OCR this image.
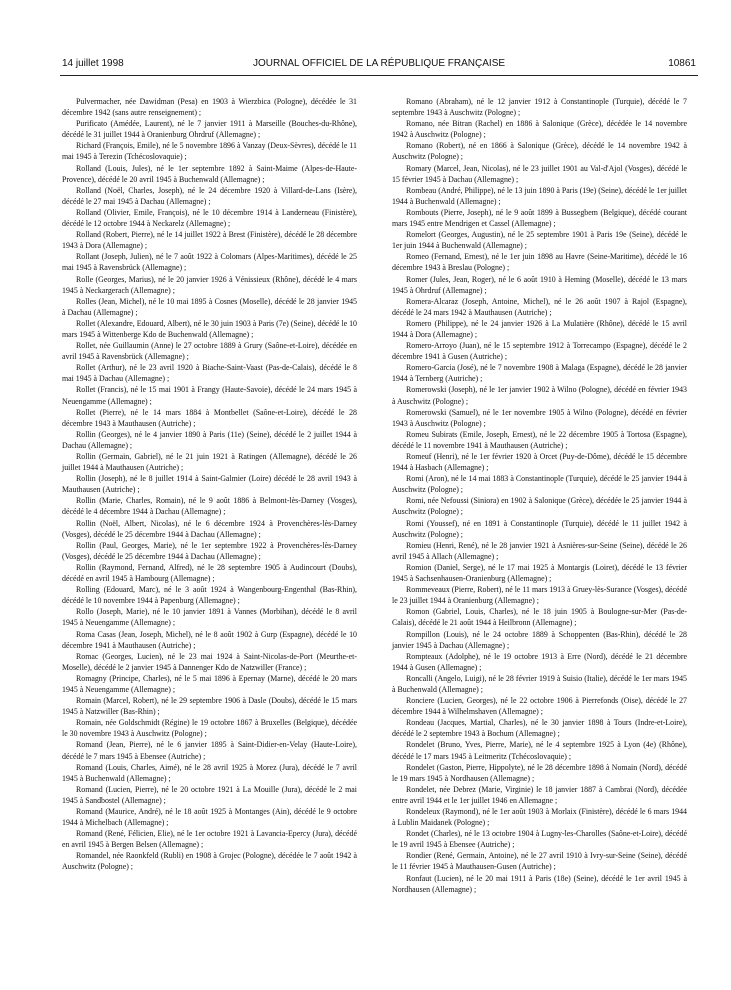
14 juillet 1998	JOURNAL OFFICIEL DE LA RÉPUBLIQUE FRANÇAISE	10861

Pulvermacher, née Dawidman (Pesa) en 1903 à Wierzbica (Pologne), décédée le 31 décembre 1942 (sans autre renseignement) ;

Purificato (Amédée, Laurent), né le 7 janvier 1911 à Marseille (Bouches-du-Rhône), décédé le 31 juillet 1944 à Oranienburg Ohrdruf (Allemagne) ;

Richard (François, Emile), né le 5 novembre 1896 à Vanzay (Deux-Sèvres), décédé le 11 mai 1945 à Terezin (Tchécoslovaquie) ;

Rolland (Louis, Jules), né le 1er septembre 1892 à Saint-Maime (Alpes-de-Haute-Provence), décédé le 20 avril 1945 à Buchenwald (Allemagne) ;

Rolland (Noël, Charles, Joseph), né le 24 décembre 1920 à Villard-de-Lans (Isère), décédé le 27 mai 1945 à Dachau (Allemagne) ;

Rolland (Olivier, Emile, François), né le 10 décembre 1914 à Landerneau (Finistère), décédé le 12 octobre 1944 à Neckarelz (Allemagne) ;

Rolland (Robert, Pierre), né le 14 juillet 1922 à Brest (Finistère), décédé le 28 décembre 1943 à Dora (Allemagne) ;

Rollant (Joseph, Julien), né le 7 août 1922 à Colomars (Alpes-Maritimes), décédé le 25 mai 1945 à Ravensbrück (Allemagne) ;

Rolle (Georges, Marius), né le 20 janvier 1926 à Vénissieux (Rhône), décédé le 4 mars 1945 à Neckargerach (Allemagne) ;

Rolles (Jean, Michel), né le 10 mai 1895 à Cosnes (Moselle), décédé le 28 janvier 1945 à Dachau (Allemagne) ;

Rollet (Alexandre, Edouard, Albert), né le 30 juin 1903 à Paris (7e) (Seine), décédé le 10 mars 1945 à Wittenberge Kdo de Buchenwald (Allemagne) ;

Rollet, née Guillaumin (Anne) le 27 octobre 1889 à Grury (Saône-et-Loire), décédée en avril 1945 à Ravensbrück (Allemagne) ;

Rollet (Arthur), né le 23 avril 1920 à Biache-Saint-Vaast (Pas-de-Calais), décédé le 8 mai 1945 à Dachau (Allemagne) ;

Rollet (Francis), né le 15 mai 1901 à Frangy (Haute-Savoie), décédé le 24 mars 1945 à Neuengamme (Allemagne) ;

Rollet (Pierre), né le 14 mars 1884 à Montbellet (Saône-et-Loire), décédé le 28 décembre 1943 à Mauthausen (Autriche) ;

Rollin (Georges), né le 4 janvier 1890 à Paris (11e) (Seine), décédé le 2 juillet 1944 à Dachau (Allemagne) ;

Rollin (Germain, Gabriel), né le 21 juin 1921 à Ratingen (Allemagne), décédé le 26 juillet 1944 à Mauthausen (Autriche) ;

Rollin (Joseph), né le 8 juillet 1914 à Saint-Galmier (Loire) décédé le 28 avril 1943 à Mauthausen (Autriche) ;

Rollin (Marie, Charles, Romain), né le 9 août 1886 à Belmont-lès-Darney (Vosges), décédé le 4 décembre 1944 à Dachau (Allemagne) ;

Rollin (Noël, Albert, Nicolas), né le 6 décembre 1924 à Provenchères-lès-Darney (Vosges), décédé le 25 décembre 1944 à Dachau (Allemagne) ;

Rollin (Paul, Georges, Marie), né le 1er septembre 1922 à Provenchères-lès-Darney (Vosges), décédé le 25 décembre 1944 à Dachau (Allemagne) ;

Rollin (Raymond, Fernand, Alfred), né le 28 septembre 1905 à Audincourt (Doubs), décédé en avril 1945 à Hambourg (Allemagne) ;

Rolling (Edouard, Marc), né le 3 août 1924 à Wangenbourg-Engenthal (Bas-Rhin), décédé le 10 novembre 1944 à Papenburg (Allemagne) ;

Rollo (Joseph, Marie), né le 10 janvier 1891 à Vannes (Morbihan), décédé le 8 avril 1945 à Neuengamme (Allemagne) ;

Roma Casas (Jean, Joseph, Michel), né le 8 août 1902 à Gurp (Espagne), décédé le 10 décembre 1941 à Mauthausen (Autriche) ;

Romac (Georges, Lucien), né le 23 mai 1924 à Saint-Nicolas-de-Port (Meurthe-et-Moselle), décédé le 2 janvier 1945 à Dannenger Kdo de Natzwiller (France) ;

Romagny (Principe, Charles), né le 5 mai 1896 à Epernay (Marne), décédé le 20 mars 1945 à Neuengamme (Allemagne) ;

Romain (Marcel, Robert), né le 29 septembre 1906 à Dasle (Doubs), décédé le 15 mars 1945 à Natzwiller (Bas-Rhin) ;

Romain, née Goldschmidt (Régine) le 19 octobre 1867 à Bruxelles (Belgique), décédée le 30 novembre 1943 à Auschwitz (Pologne) ;

Romand (Jean, Pierre), né le 6 janvier 1895 à Saint-Didier-en-Velay (Haute-Loire), décédé le 7 mars 1945 à Ebensee (Autriche) ;

Romand (Louis, Charles, Aimé), né le 28 avril 1925 à Morez (Jura), décédé le 7 avril 1945 à Buchenwald (Allemagne) ;

Romand (Lucien, Pierre), né le 20 octobre 1921 à La Mouille (Jura), décédé le 2 mai 1945 à Sandbostel (Allemagne) ;

Romand (Maurice, André), né le 18 août 1925 à Montanges (Ain), décédé le 9 octobre 1944 à Michelbach (Allemagne) ;

Romand (René, Félicien, Elie), né le 1er octobre 1921 à Lavancia-Epercy (Jura), décédé en avril 1945 à Bergen Belsen (Allemagne) ;

Romandel, née Raonkfeld (Rubli) en 1908 à Grojec (Pologne), décédée le 7 août 1942 à Auschwitz (Pologne) ;

Romano (Abraham), né le 12 janvier 1912 à Constantinople (Turquie), décédé le 7 septembre 1943 à Auschwitz (Pologne) ;

Romano, née Bitran (Rachel) en 1886 à Salonique (Grèce), décédée le 14 novembre 1942 à Auschwitz (Pologne) ;

Romano (Robert), né en 1866 à Salonique (Grèce), décédé le 14 novembre 1942 à Auschwitz (Pologne) ;

Romary (Marcel, Jean, Nicolas), né le 23 juillet 1901 au Val-d'Ajol (Vosges), décédé le 15 février 1945 à Dachau (Allemagne) ;

Rombeau (André, Philippe), né le 13 juin 1890 à Paris (19e) (Seine), décédé le 1er juillet 1944 à Buchenwald (Allemagne) ;

Rombouts (Pierre, Joseph), né le 9 août 1899 à Bussegbem (Belgique), décédé courant mars 1945 entre Mendrigen et Cassel (Allemagne) ;

Romelort (Georges, Augustin), né le 25 septembre 1901 à Paris 19e (Seine), décédé le 1er juin 1944 à Buchenwald (Allemagne) ;

Romeo (Fernand, Ernest), né le 1er juin 1898 au Havre (Seine-Maritime), décédé le 16 décembre 1943 à Breslau (Pologne) ;

Romer (Jules, Jean, Roger), né le 6 août 1910 à Heming (Moselle), décédé le 13 mars 1945 à Ohrdruf (Allemagne) ;

Romera-Alcaraz (Joseph, Antoine, Michel), né le 26 août 1907 à Rajol (Espagne), décédé le 24 mars 1942 à Mauthausen (Autriche) ;

Romero (Philippe), né le 24 janvier 1926 à La Mulatière (Rhône), décédé le 15 avril 1944 à Dora (Allemagne) ;

Romero-Arroyo (Juan), né le 15 septembre 1912 à Torrecampo (Espagne), décédé le 2 décembre 1941 à Gusen (Autriche) ;

Romero-Garcia (José), né le 7 novembre 1908 à Malaga (Espagne), décédé le 28 janvier 1944 à Ternberg (Autriche) ;

Romerowski (Joseph), né le 1er janvier 1902 à Wilno (Pologne), décédé en février 1943 à Auschwitz (Pologne) ;

Romerowski (Samuel), né le 1er novembre 1905 à Wilno (Pologne), décédé en février 1943 à Auschwitz (Pologne) ;

Romeu Subirats (Emile, Joseph, Ernest), né le 22 décembre 1905 à Tortosa (Espagne), décédé le 11 novembre 1941 à Mauthausen (Autriche) ;

Romeuf (Henri), né le 1er février 1920 à Orcet (Puy-de-Dôme), décédé le 15 décembre 1944 à Hasbach (Allemagne) ;

Romi (Aron), né le 14 mai 1883 à Constantinople (Turquie), décédé le 25 janvier 1944 à Auschwitz (Pologne) ;

Romi, née Nefoussi (Siniora) en 1902 à Salonique (Grèce), décédée le 25 janvier 1944 à Auschwitz (Pologne) ;

Romi (Youssef), né en 1891 à Constantinople (Turquie), décédé le 11 juillet 1942 à Auschwitz (Pologne) ;

Romieu (Henri, René), né le 28 janvier 1921 à Asnières-sur-Seine (Seine), décédé le 26 avril 1945 à Allach (Allemagne) ;

Romion (Daniel, Serge), né le 17 mai 1925 à Montargis (Loiret), décédé le 13 février 1945 à Sachsenhausen-Oranienburg (Allemagne) ;

Rommeveaux (Pierre, Robert), né le 11 mars 1913 à Gruey-lès-Surance (Vosges), décédé le 23 juillet 1944 à Oranienburg (Allemagne) ;

Romon (Gabriel, Louis, Charles), né le 18 juin 1905 à Boulogne-sur-Mer (Pas-de-Calais), décédé le 21 août 1944 à Heilbronn (Allemagne) ;

Rompillon (Louis), né le 24 octobre 1889 à Schoppenten (Bas-Rhin), décédé le 28 janvier 1945 à Dachau (Allemagne) ;

Rompteaux (Adolphe), né le 19 octobre 1913 à Erre (Nord), décédé le 21 décembre 1944 à Gusen (Allemagne) ;

Roncalli (Angelo, Luigi), né le 28 février 1919 à Suisio (Italie), décédé le 1er mars 1945 à Buchenwald (Allemagne) ;

Ronciere (Lucien, Georges), né le 22 octobre 1906 à Pierrefonds (Oise), décédé le 27 décembre 1944 à Wilhelmshaven (Allemagne) ;

Rondeau (Jacques, Martial, Charles), né le 30 janvier 1898 à Tours (Indre-et-Loire), décédé le 2 septembre 1943 à Bochum (Allemagne) ;

Rondelet (Bruno, Yves, Pierre, Marie), né le 4 septembre 1925 à Lyon (4e) (Rhône), décédé le 17 mars 1945 à Leitmeritz (Tchécoslovaquie) ;

Rondelet (Gaston, Pierre, Hippolyte), né le 28 décembre 1898 à Nomain (Nord), décédé le 19 mars 1945 à Nordhausen (Allemagne) ;

Rondelet, née Debrez (Marie, Virginie) le 18 janvier 1887 à Cambrai (Nord), décédée entre avril 1944 et le 1er juillet 1946 en Allemagne ;

Rondeleux (Raymond), né le 1er août 1903 à Morlaix (Finistère), décédé le 6 mars 1944 à Lublin Maidanek (Pologne) ;

Rondet (Charles), né le 13 octobre 1904 à Lugny-les-Charolles (Saône-et-Loire), décédé le 19 avril 1945 à Ebensee (Autriche) ;

Rondier (René, Germain, Antoine), né le 27 avril 1910 à Ivry-sur-Seine (Seine), décédé le 11 février 1945 à Mauthausen-Gusen (Autriche) ;

Ronfaut (Lucien), né le 20 mai 1911 à Paris (18e) (Seine), décédé le 1er avril 1945 à Nordhausen (Allemagne) ;
